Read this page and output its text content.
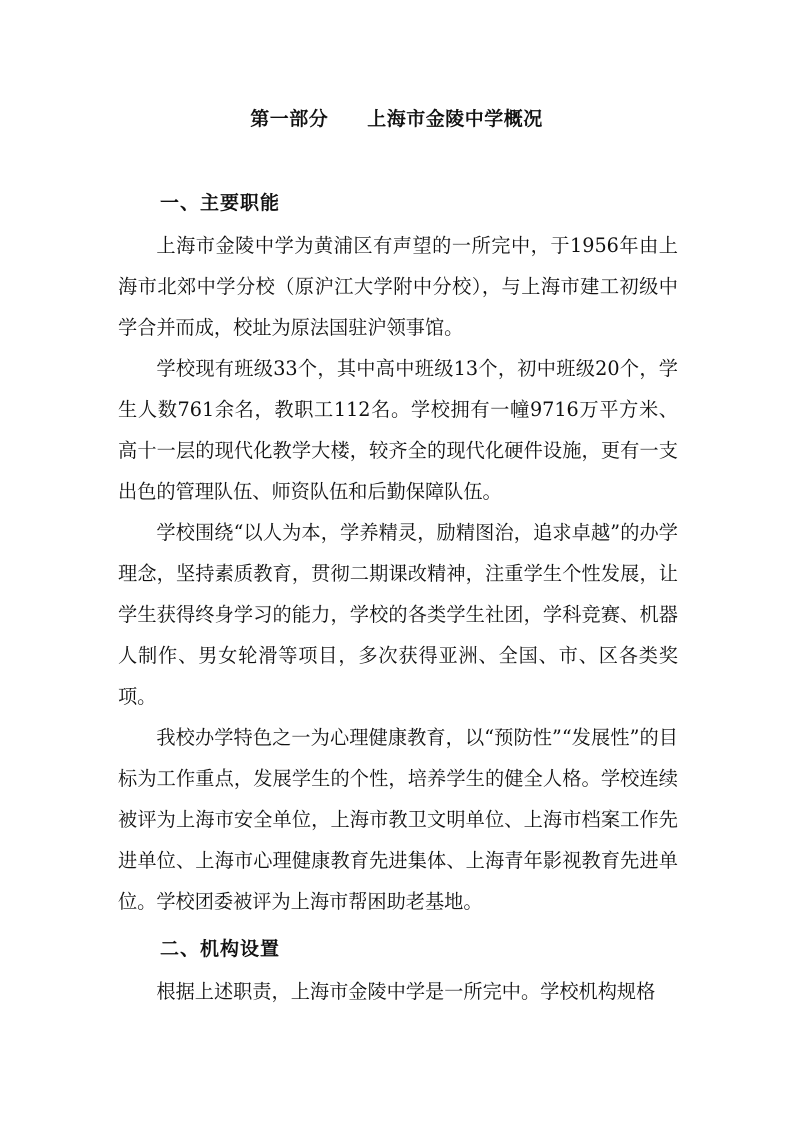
第一部分　　上海市金陵中学概况
一、主要职能

上海市金陵中学为黄浦区有声望的一所完中，于1956年由上海市北郊中学分校（原沪江大学附中分校），与上海市建工初级中学合并而成，校址为原法国驻沪领事馆。

学校现有班级33个，其中高中班级13个，初中班级20个，学生人数761余名，教职工112名。学校拥有一幢9716万平方米、高十一层的现代化教学大楼，较齐全的现代化硬件设施，更有一支出色的管理队伍、师资队伍和后勤保障队伍。

学校围绕“以人为本，学养精灵，励精图治，追求卓越”的办学理念，坚持素质教育，贯彻二期课改精神，注重学生个性发展，让学生获得终身学习的能力，学校的各类学生社团，学科竞赛、机器人制作、男女轮滑等项目，多次获得亚洲、全国、市、区各类奖项。

我校办学特色之一为心理健康教育，以“预防性”“发展性”的目标为工作重点，发展学生的个性，培养学生的健全人格。学校连续被评为上海市安全单位，上海市教卫文明单位、上海市档案工作先进单位、上海市心理健康教育先进集体、上海青年影视教育先进单位。学校团委被评为上海市帮困助老基地。

二、机构设置

根据上述职责，上海市金陵中学是一所完中。学校机构规格
